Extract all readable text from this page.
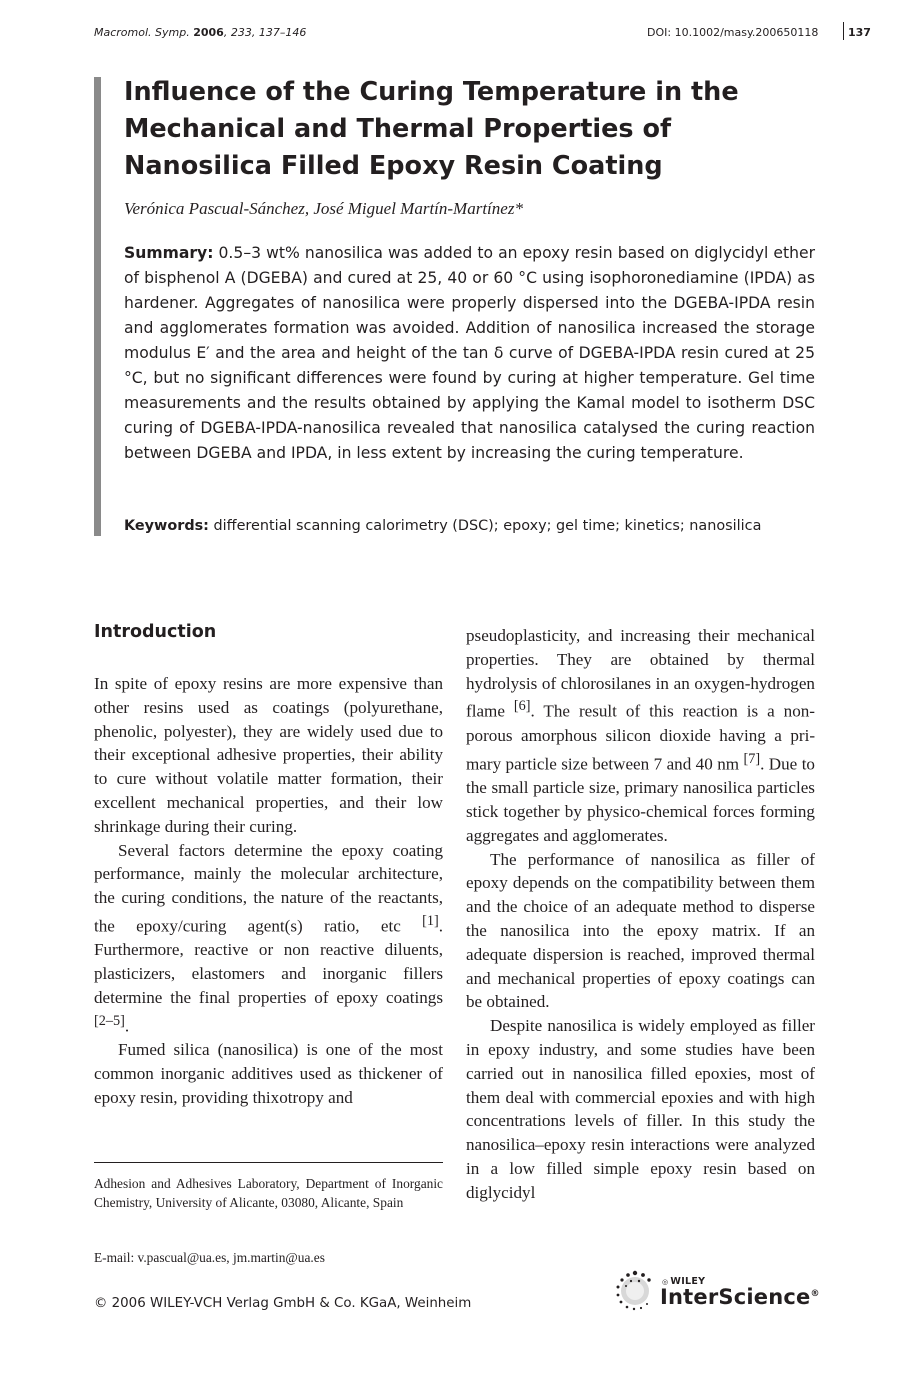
Macromol. Symp. 2006, 233, 137–146	DOI: 10.1002/masy.200650118	137
Influence of the Curing Temperature in the Mechanical and Thermal Properties of Nanosilica Filled Epoxy Resin Coating
Verónica Pascual-Sánchez, José Miguel Martín-Martínez*

Summary: 0.5–3 wt% nanosilica was added to an epoxy resin based on diglycidyl ether of bisphenol A (DGEBA) and cured at 25, 40 or 60 °C using isophoronediamine (IPDA) as hardener. Aggregates of nanosilica were properly dispersed into the DGEBA-IPDA resin and agglomerates formation was avoided. Addition of nanosilica increased the storage modulus E′ and the area and height of the tan δ curve of DGEBA-IPDA resin cured at 25 °C, but no significant differences were found by curing at higher temperature. Gel time measurements and the results obtained by applying the Kamal model to isotherm DSC curing of DGEBA-IPDA-nanosilica revealed that nanosilica catalysed the curing reaction between DGEBA and IPDA, in less extent by increasing the curing temperature.

Keywords: differential scanning calorimetry (DSC); epoxy; gel time; kinetics; nanosilica

Introduction

In spite of epoxy resins are more expensive than other resins used as coatings (polyurethane, phenolic, polyester), they are widely used due to their exceptional adhesive properties, their ability to cure without volatile matter formation, their excellent mechanical properties, and their low shrinkage during their curing.

Several factors determine the epoxy coating performance, mainly the molecular architecture, the curing conditions, the nature of the reactants, the epoxy/curing agent(s) ratio, etc [1]. Furthermore, reactive or non reactive diluents, plasticizers, elastomers and inorganic fillers determine the final properties of epoxy coatings [2–5].

Fumed silica (nanosilica) is one of the most common inorganic additives used as thickener of epoxy resin, providing thixotropy and

pseudoplasticity, and increasing their mechanical properties. They are obtained by thermal hydrolysis of chlorosilanes in an oxygen-hydrogen flame [6]. The result of this reaction is a non-porous amorphous silicon dioxide having a primary particle size between 7 and 40 nm [7]. Due to the small particle size, primary nanosilica particles stick together by physico-chemical forces forming aggregates and agglomerates.

The performance of nanosilica as filler of epoxy depends on the compatibility between them and the choice of an adequate method to disperse the nanosilica into the epoxy matrix. If an adequate dispersion is reached, improved thermal and mechanical properties of epoxy coatings can be obtained.

Despite nanosilica is widely employed as filler in epoxy industry, and some studies have been carried out in nanosilica filled epoxies, most of them deal with commercial epoxies and with high concentrations levels of filler. In this study the nanosilica–epoxy resin interactions were analyzed in a low filled simple epoxy resin based on diglycidyl

Adhesion and Adhesives Laboratory, Department of Inorganic Chemistry, University of Alicante, 03080, Alicante, Spain

E-mail: v.pascual@ua.es, jm.martin@ua.es

© 2006 WILEY-VCH Verlag GmbH & Co. KGaA, Weinheim
◎ WILEY
InterScience®
